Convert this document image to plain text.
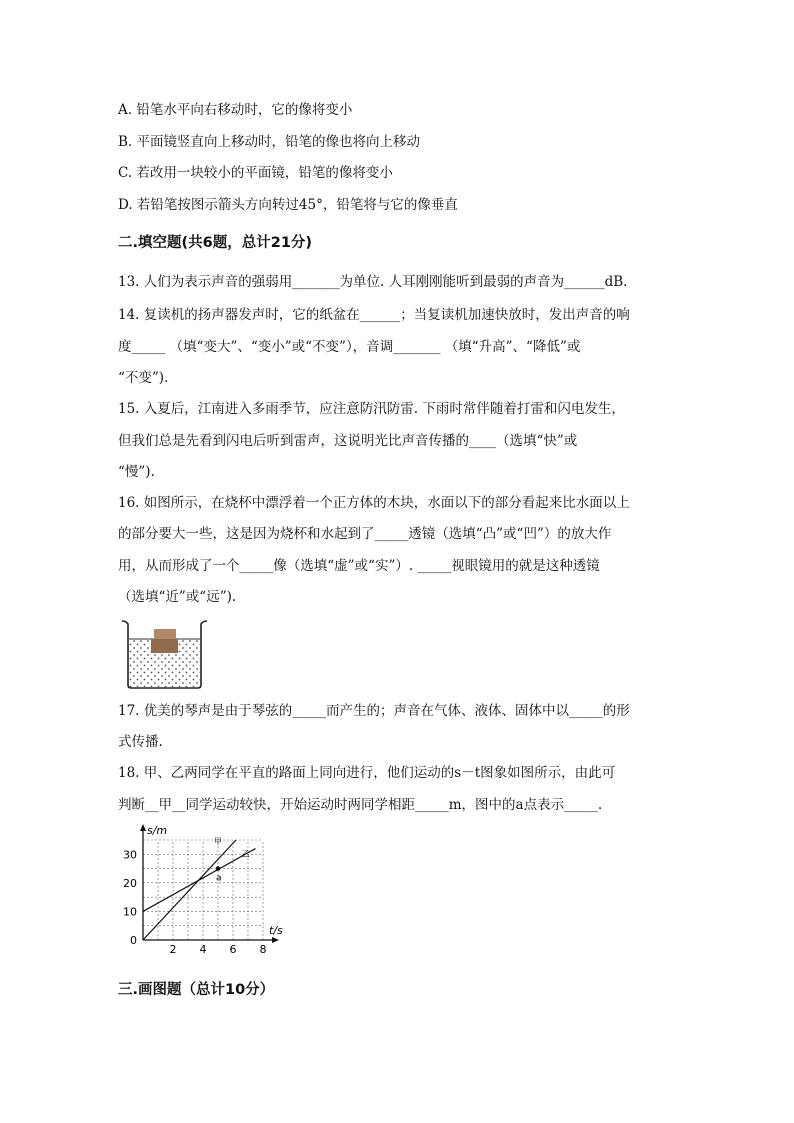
A. 铅笔水平向右移动时，它的像将变小
B. 平面镜竖直向上移动时，铅笔的像也将向上移动
C. 若改用一块较小的平面镜，铅笔的像将变小
D. 若铅笔按图示箭头方向转过45°，铅笔将与它的像垂直
二.填空题(共6题，总计21分)
13. 人们为表示声音的强弱用_______为单位. 人耳刚刚能听到最弱的声音为______dB.
14. 复读机的扬声器发声时，它的纸盆在______；当复读机加速快放时，发出声音的响
度_____ （填“变大”、“变小”或“不变”），音调_______ （填“升高”、“降低”或
“不变”).
15. 入夏后，江南进入多雨季节，应注意防汛防雷. 下雨时常伴随着打雷和闪电发生，
但我们总是先看到闪电后听到雷声，这说明光比声音传播的____（选填“快”或
“慢”).
16. 如图所示，在烧杯中漂浮着一个正方体的木块，水面以下的部分看起来比水面以上
的部分要大一些，这是因为烧杯和水起到了_____透镜（选填“凸”或“凹”）的放大作
用，从而形成了一个_____像（选填“虚”或“实”）. _____视眼镜用的就是这种透镜
（选填“近”或“远”).
17. 优美的琴声是由于琴弦的_____而产生的；声音在气体、液体、固体中以_____的形
式传播.
18. 甲、乙两同学在平直的路面上同向进行，他们运动的s－t图象如图所示，由此可
判断__甲__同学运动较快，开始运动时两同学相距_____m，图中的a点表示_____.
2 4 6 8
10
20
30
0
t/s
s/m
甲
乙
a
三.画图题（总计10分）
